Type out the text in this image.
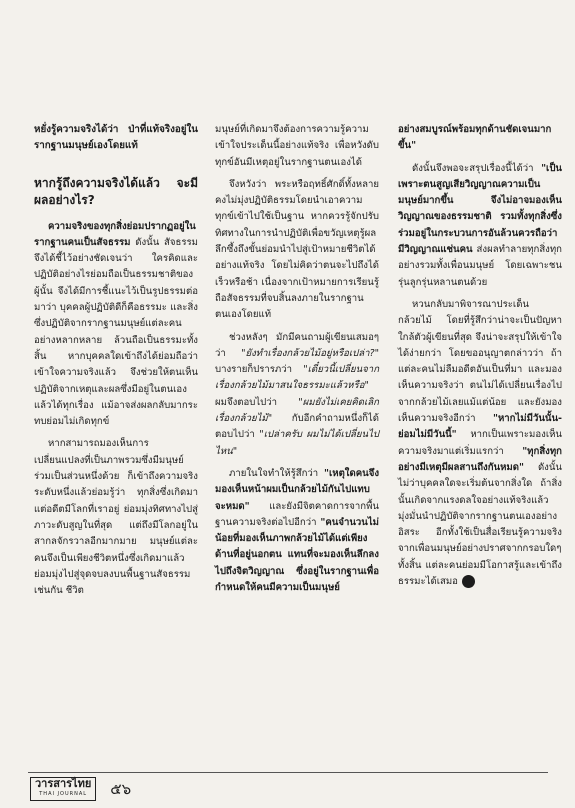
หยั่งรู้ความจริงได้ว่า ป่าที่แท้จริงอยู่ในรากฐานมนุษย์เองโดยแท้

หากรู้ถึงความจริงได้แล้ว จะมีผลอย่างไร?

ความจริงของทุกสิ่งย่อมปรากฏอยู่ในรากฐานคนเป็นสัจธรรม ดังนั้น สัจธรรมจึงได้ชี้ไว้อย่างชัดเจนว่า ใครคิดและปฏิบัติอย่างไรย่อมถือเป็นธรรมชาติของผู้นั้น จึงได้มีการชี้แนะไว้เป็นรูปธรรมต่อมาว่า บุคคลผู้ปฏิบัติดีก็คือธรรมะ และสิ่งซึ่งปฏิบัติจากรากฐานมนุษย์แต่ละคนอย่างหลากหลาย ล้วนถือเป็นธรรมะทั้งสิ้น หากบุคคลใดเข้าถึงได้ย่อมถือว่าเข้าใจความจริงแล้ว จึงช่วยให้ตนเห็นปฏิบัติจากเหตุและผลซึ่งมีอยู่ในตนเองแล้วได้ทุกเรื่อง แม้อาจส่งผลกลับมากระทบย่อมไม่เกิดทุกข์

หากสามารถมองเห็นการเปลี่ยนแปลงที่เป็นภาพรวมซึ่งมีมนุษย์ร่วมเป็นส่วนหนึ่งด้วย ก็เข้าถึงความจริงระดับหนึ่งแล้วย่อมรู้ว่า ทุกสิ่งซึ่งเกิดมาแต่อดีตมีโลกที่เราอยู่ ย่อมมุ่งทิศทางไปสู่ภาวะดับสูญในที่สุด แต่ถึงมีโลกอยู่ในสากลจักรวาลอีกมากมาย มนุษย์แต่ละคนจึงเป็นเพียงชีวิตหนึ่งซึ่งเกิดมาแล้ว ย่อมมุ่งไปสู่จุดจบลงบนพื้นฐานสัจธรรมเช่นกัน ชีวิต

มนุษย์ที่เกิดมาจึงต้องการความรู้ความเข้าใจประเด็นนี้อย่างแท้จริง เพื่อหวังดับทุกข์อันมีเหตุอยู่ในรากฐานตนเองได้

จึงหวังว่า พระหรือฤทธิ์ศักดิ์ทั้งหลาย คงไม่มุ่งปฏิบัติธรรมโดยนำเอาความทุกข์เข้าไปใช้เป็นฐาน หากควรรู้จักปรับทิศทางในการนำปฏิบัติเพื่อขวัญเหตุรู้ผลลึกซึ้งถึงขั้นย่อมนำไปสู่เป้าหมายชีวิตได้อย่างแท้จริง โดยไม่คิดว่าตนจะไปถึงได้เร็วหรือช้า เนื่องจากเป้าหมายการเรียนรู้ ถือสัจธรรมที่จบสิ้นลงภายในรากฐานตนเองโดยแท้

ช่วงหลังๆ มักมีคนถามผู้เขียนเสมอๆ ว่า "ยังทำเรื่องกล้วยไม้อยู่หรือเปล่า?" บางรายก็ปรารภว่า "เดี๋ยวนี้เปลี่ยนจากเรื่องกล้วยไม้มาสนใจธรรมะแล้วหรือ" ผมจึงตอบไปว่า "ผมยังไม่เคยคิดเลิกเรื่องกล้วยไม้" กับอีกคำถามหนึ่งก็ได้ตอบไปว่า "เปล่าครับ ผมไม่ได้เปลี่ยนไปไหน"

ภายในใจทำให้รู้สึกว่า "เหตุใดคนจึงมองเห็นหน้าผมเป็นกล้วยไม้กันไปแทบจะหมด" และยังมีจิตคาดการจากพื้นฐานความจริงต่อไปอีกว่า "คนจำนวนไม่น้อยที่มองเห็นภาพกล้วยไม้ได้แต่เพียงด้านที่อยู่นอกตน แทนที่จะมองเห็นลึกลงไปถึงจิตวิญญาณ ซึ่งอยู่ในรากฐานเพื่อกำหนดให้คนมีความเป็นมนุษย์

อย่างสมบูรณ์พร้อมทุกด้านชัดเจนมากขึ้น"

ดังนั้นจึงพอจะสรุปเรื่องนี้ได้ว่า "เป็นเพราะตนสูญเสียวิญญาณความเป็นมนุษย์มากขึ้น จึงไม่อาจมองเห็นวิญญาณของธรรมชาติ รวมทั้งทุกสิ่งซึ่งร่วมอยู่ในกระบวนการอันล้วนควรถือว่ามีวิญญาณแช่นคน ส่งผลทำลายทุกสิ่งทุกอย่างรวมทั้งเพื่อนมนุษย์ โดยเฉพาะชนรุ่นลูกรุ่นหลานตนด้วย

หวนกลับมาพิจารณาประเด็นกล้วยไม้ โดยที่รู้สึกว่าน่าจะเป็นปัญหาใกล้ตัวผู้เขียนที่สุด จึงน่าจะสรุปให้เข้าใจได้ง่ายกว่า โดยขออนุญาตกล่าวว่า ถ้าแต่ละคนไม่ลืมอดีตอันเป็นที่มา และมองเห็นความจริงว่า ตนไม่ได้เปลี่ยนเรื่องไปจากกล้วยไม้เลยแม้แต่น้อย และยังมองเห็นความจริงอีกว่า "หากไม่มีวันนั้น-ย่อมไม่มีวันนี้" หากเป็นเพราะมองเห็นความจริงมาแต่เริ่มแรกว่า "ทุกสิ่งทุกอย่างมีเหตุมีผลสานถึงกันหมด" ดังนั้น ไม่ว่าบุคคลใดจะเริ่มต้นจากสิ่งใด ถ้าสิ่งนั้นเกิดจากแรงดลใจอย่างแท้จริงแล้ว มุ่งมั่นนำปฏิบัติจากรากฐานตนเองอย่างอิสระ อีกทั้งใช้เป็นสื่อเรียนรู้ความจริงจากเพื่อนมนุษย์อย่างปราศจากกรอบใดๆทั้งสิ้น แต่ละคนย่อมมีโอกาสรู้และเข้าถึงธรรมะได้เสมอ

วารสารไทย
THAI JOURNAL ๕๖
